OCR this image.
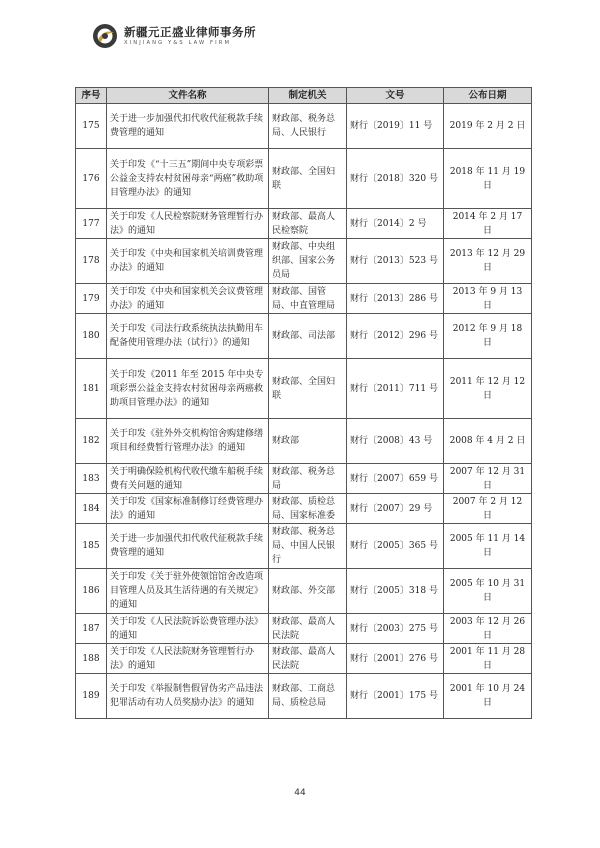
新疆元正盛业律师事务所
XINJIANG Y&S LAW FIRM
序号	文件名称	制定机关	文号	公布日期
175	关于进一步加强代扣代收代征税款手续费管理的通知	财政部、税务总局、人民银行	财行〔2019〕11 号	2019 年 2 月 2 日
176	关于印发《“十三五”期间中央专项彩票公益金支持农村贫困母亲“两癌”救助项目管理办法》的通知	财政部、全国妇联	财行〔2018〕320 号	2018 年 11 月 19 日
177	关于印发《人民检察院财务管理暂行办法》的通知	财政部、最高人民检察院	财行〔2014〕2 号	2014 年 2 月 17 日
178	关于印发《中央和国家机关培训费管理办法》的通知	财政部、中央组织部、国家公务员局	财行〔2013〕523 号	2013 年 12 月 29 日
179	关于印发《中央和国家机关会议费管理办法》的通知	财政部、国管局、中直管理局	财行〔2013〕286 号	2013 年 9 月 13 日
180	关于印发《司法行政系统执法执勤用车配备使用管理办法（试行）》的通知	财政部、司法部	财行〔2012〕296 号	2012 年 9 月 18 日
181	关于印发《2011 年至 2015 年中央专项彩票公益金支持农村贫困母亲两癌救助项目管理办法》的通知	财政部、全国妇联	财行〔2011〕711 号	2011 年 12 月 12 日
182	关于印发《驻外外交机构馆舍购建修缮项目和经费暂行管理办法》的通知	财政部	财行〔2008〕43 号	2008 年 4 月 2 日
183	关于明确保险机构代收代缴车船税手续费有关问题的通知	财政部、税务总局	财行〔2007〕659 号	2007 年 12 月 31 日
184	关于印发《国家标准制修订经费管理办法》的通知	财政部、质检总局、国家标准委	财行〔2007〕29 号	2007 年 2 月 12 日
185	关于进一步加强代扣代收代征税款手续费管理的通知	财政部、税务总局、中国人民银行	财行〔2005〕365 号	2005 年 11 月 14 日
186	关于印发《关于驻外使领馆馆舍改造项目管理人员及其生活待遇的有关规定》的通知	财政部、外交部	财行〔2005〕318 号	2005 年 10 月 31 日
187	关于印发《人民法院诉讼费管理办法》的通知	财政部、最高人民法院	财行〔2003〕275 号	2003 年 12 月 26 日
188	关于印发《人民法院财务管理暂行办法》的通知	财政部、最高人民法院	财行〔2001〕276 号	2001 年 11 月 28 日
189	关于印发《举报制售假冒伪劣产品违法犯罪活动有功人员奖励办法》的通知	财政部、工商总局、质检总局	财行〔2001〕175 号	2001 年 10 月 24 日
44
